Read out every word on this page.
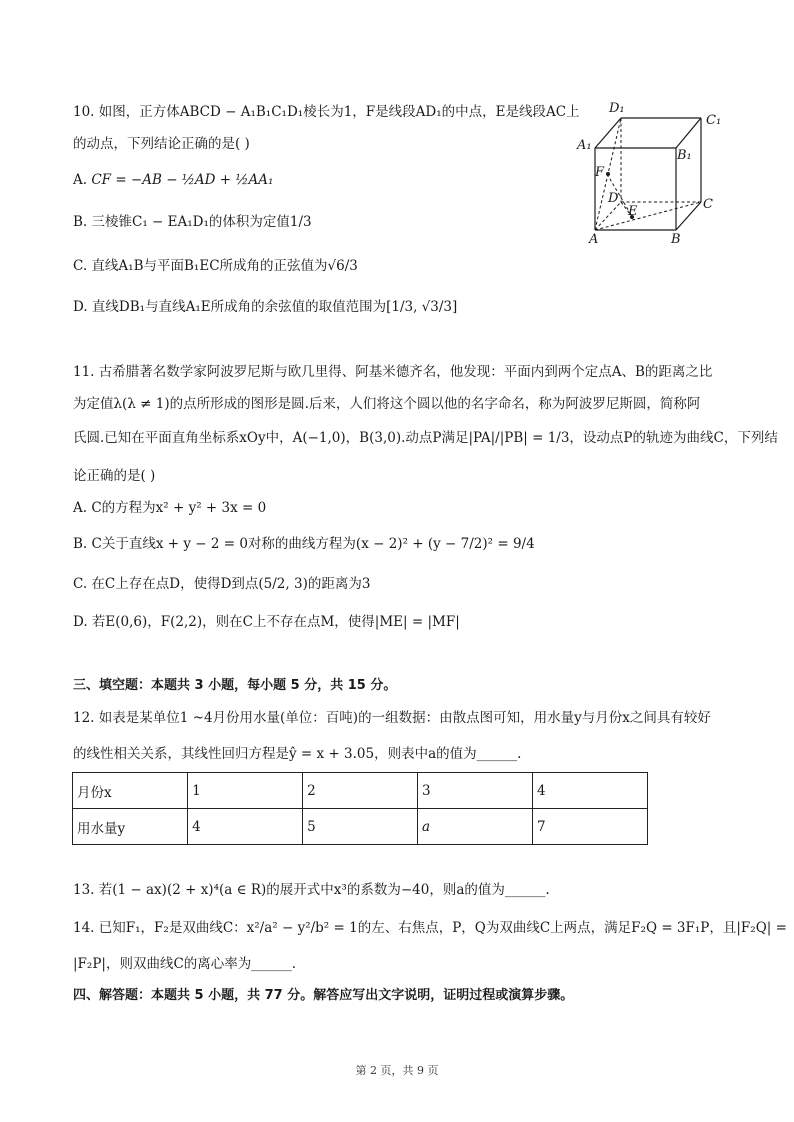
10. 如图，正方体ABCD − A₁B₁C₁D₁棱长为1，F是线段AD₁的中点，E是线段AC上
的动点，下列结论正确的是( )
A. CF = −AB − ½AD + ½AA₁
B. 三棱锥C₁ − EA₁D₁的体积为定值1/3
C. 直线A₁B与平面B₁EC所成角的正弦值为√6/3
D. 直线DB₁与直线A₁E所成角的余弦值的取值范围为[1/3, √3/3]
D₁
C₁
A₁
B₁
F
D
E	C
A	B
11. 古希腊著名数学家阿波罗尼斯与欧几里得、阿基米德齐名，他发现：平面内到两个定点A、B的距离之比
为定值λ(λ ≠ 1)的点所形成的图形是圆.后来，人们将这个圆以他的名字命名，称为阿波罗尼斯圆，简称阿
氏圆.已知在平面直角坐标系xOy中，A(−1,0)，B(3,0).动点P满足|PA|/|PB| = 1/3，设动点P的轨迹为曲线C，下列结
论正确的是( )
A. C的方程为x² + y² + 3x = 0
B. C关于直线x + y − 2 = 0对称的曲线方程为(x − 2)² + (y − 7/2)² = 9/4
C. 在C上存在点D，使得D到点(5/2, 3)的距离为3
D. 若E(0,6)，F(2,2)，则在C上不存在点M，使得|ME| = |MF|
三、填空题：本题共 3 小题，每小题 5 分，共 15 分。
12. 如表是某单位1 ~4月份用水量(单位：百吨)的一组数据：由散点图可知，用水量y与月份x之间具有较好
的线性相关关系，其线性回归方程是ŷ = x + 3.05，则表中a的值为______.
月份x	1	2	3	4
用水量y	4	5	a	7
13. 若(1 − ax)(2 + x)⁴(a ∈ R)的展开式中x³的系数为−40，则a的值为______.
14. 已知F₁，F₂是双曲线C：x²/a² − y²/b² = 1的左、右焦点，P，Q为双曲线C上两点，满足F₂Q = 3F₁P，且|F₂Q| =
|F₂P|，则双曲线C的离心率为______.
四、解答题：本题共 5 小题，共 77 分。解答应写出文字说明，证明过程或演算步骤。
第 2 页，共 9 页
